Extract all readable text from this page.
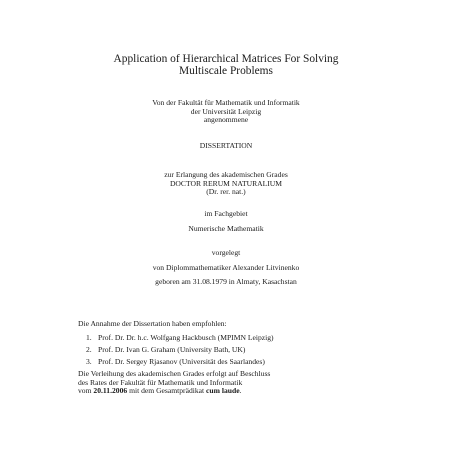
Application of Hierarchical Matrices For Solving
Multiscale Problems
Von der Fakultät für Mathematik und Informatik
der Universität Leipzig
angenommene
DISSERTATION
zur Erlangung des akademischen Grades
DOCTOR RERUM NATURALIUM
(Dr. rer. nat.)
im Fachgebiet
Numerische Mathematik
vorgelegt
von Diplommathematiker Alexander Litvinenko
geboren am 31.08.1979 in Almaty, Kasachstan
Die Annahme der Dissertation haben empfohlen:
1. Prof. Dr. Dr. h.c. Wolfgang Hackbusch (MPIMN Leipzig)
2. Prof. Dr. Ivan G. Graham (University Bath, UK)
3. Prof. Dr. Sergey Rjasanov (Universität des Saarlandes)
Die Verleihung des akademischen Grades erfolgt auf Beschluss
des Rates der Fakultät für Mathematik und Informatik
vom 20.11.2006 mit dem Gesamtprädikat cum laude.
